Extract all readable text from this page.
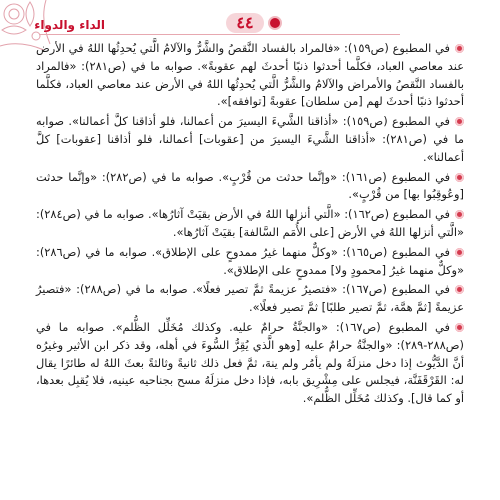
الداء والدواء	٤٤

في المطبوع (ص١٥٩): «فالمراد بالفساد النَّقصُ والشَّرُّ والآلامُ الَّتي يُحدِثُها اللهُ في الأرض عند معاصي العباد، فكلَّما أحدثوا ذنبًا أحدثَ لهم عقوبةً». صوابه ما في (ص٢٨١): «فالمراد بالفساد النَّقصُ والأمراض والآلامُ والشَّرُّ الَّتي يُحدِثُها اللهُ في الأرض عند معاصي العباد، فكلَّما أحدثوا ذنبًا أحدثَ لهم [من سلطان] عقوبةً [توافقه]».

في المطبوع (ص١٥٩): «أذاقنا الشَّيءَ اليسيرَ من أعمالنا، فلو أذاقنا كلَّ أعمالنا». صوابه ما في (ص٢٨١): «أذاقنا الشَّيءَ اليسيرَ من [عقوبات] أعمالنا، فلو أذاقنا [عقوبات] كلَّ أعمالنا».

في المطبوع (ص١٦١): «وإنَّما حدثت من قُرْبٍ». صوابه ما في (ص٢٨٢): «وإنَّما حدثت [وعُوقِبُوا بها] من قُرْبٍ».

في المطبوع (ص١٦٢): «الَّتي أنزلها اللهُ في الأرض بقيَتْ آثارُها». صوابه ما في (ص٢٨٤): «الَّتي أنزلها اللهُ في الأرض [على الأُمَم السَّالفة] بقيَتْ آثارُها».

في المطبوع (ص١٦٥): «وكلٌّ منهما غيرُ ممدوحٍ على الإطلاق». صوابه ما في (ص٢٨٦): «وكلٌّ منهما غيرُ [محمودٍ ولا] ممدوحٍ على الإطلاق».

في المطبوع (ص١٦٧): «فتصيرُ عزيمةً ثمَّ تصير فعلًا». صوابه ما في (ص٢٨٨): «فتصيرُ عزيمةً [ثمَّ همَّة، ثمَّ تصير طلبًا] ثمَّ تصير فعلًا».

في المطبوع (ص١٦٧): «والجنَّةُ حرامٌ عليه. وكذلك مُخَلِّل الظُّلم». صوابه ما في (ص٢٨٨-٢٨٩): «والجنَّةُ حرامٌ عليه [وهو الَّذي يُقِرُّ السُّوءَ في أهله، وقد ذكر ابن الأثير وغيرُه أنَّ الدَّيُّوث إذا دخل منزلَهُ ولم يأمُر ولم ينهَ، ثمَّ فعل ذلك ثانيةً وثالثةً بعثَ اللهُ له طائرًا يقال له: القَرْقَفَنَّة، فيجلس على مِشْرِيق بابه، فإذا دخل منزلَهُ مسح بجناحيه عينيه، فلا يُقبِل بعدها، أو كما قال]. وكذلك مُخَلِّل الظُّلم».
